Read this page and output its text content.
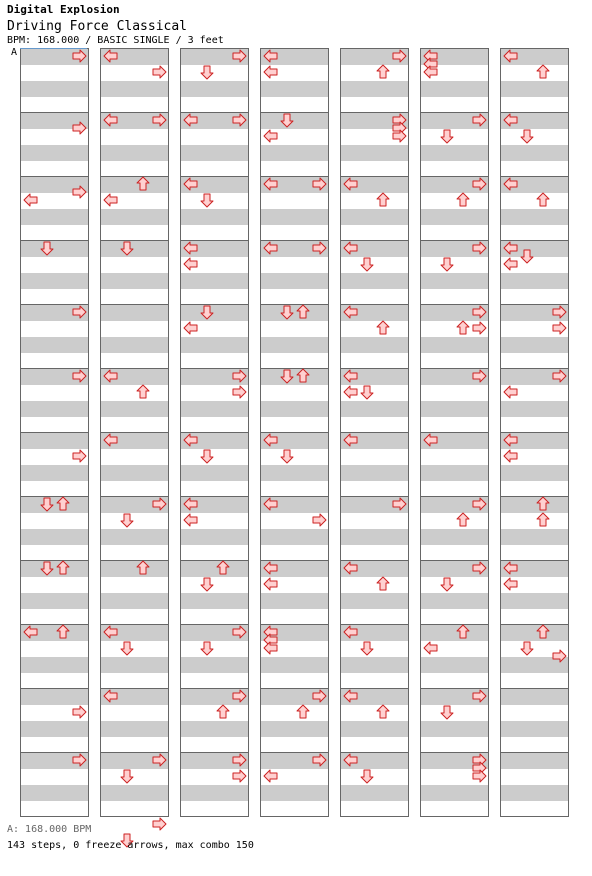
Digital Explosion
Driving Force Classical
BPM: 168.000 / BASIC SINGLE / 3 feet
A
A: 168.000 BPM
143 steps, 0 freeze arrows, max combo 150
